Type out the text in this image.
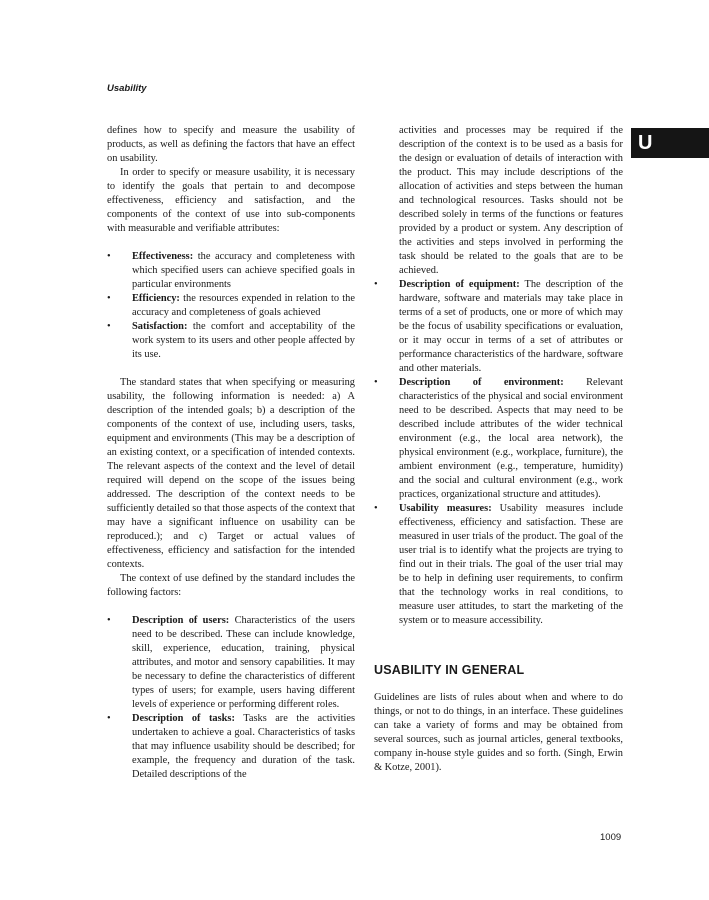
Usability
U

defines how to specify and measure the usability of products, as well as defining the factors that have an effect on usability.

In order to specify or measure usability, it is necessary to identify the goals that pertain to and decompose effectiveness, efficiency and satisfaction, and the components of the context of use into sub-components with measurable and verifiable attributes:

• Effectiveness: the accuracy and completeness with which specified users can achieve specified goals in particular environments
• Efficiency: the resources expended in relation to the accuracy and completeness of goals achieved
• Satisfaction: the comfort and acceptability of the work system to its users and other people affected by its use.

The standard states that when specifying or measuring usability, the following information is needed: a) A description of the intended goals; b) a description of the components of the context of use, including users, tasks, equipment and environments (This may be a description of an existing context, or a specification of intended contexts. The relevant aspects of the context and the level of detail required will depend on the scope of the issues being addressed. The description of the context needs to be sufficiently detailed so that those aspects of the context that may have a significant influence on usability can be reproduced.); and c) Target or actual values of effectiveness, efficiency and satisfaction for the intended contexts.

The context of use defined by the standard includes the following factors:

• Description of users: Characteristics of the users need to be described. These can include knowledge, skill, experience, education, training, physical attributes, and motor and sensory capabilities. It may be necessary to define the characteristics of different types of users; for example, users having different levels of experience or performing different roles.
• Description of tasks: Tasks are the activities undertaken to achieve a goal. Characteristics of tasks that may influence usability should be described; for example, the frequency and duration of the task. Detailed descriptions of the
activities and processes may be required if the description of the context is to be used as a basis for the design or evaluation of details of interaction with the product. This may include descriptions of the allocation of activities and steps between the human and technological resources. Tasks should not be described solely in terms of the functions or features provided by a product or system. Any description of the activities and steps involved in performing the task should be related to the goals that are to be achieved.
• Description of equipment: The description of the hardware, software and materials may take place in terms of a set of products, one or more of which may be the focus of usability specifications or evaluation, or it may occur in terms of a set of attributes or performance characteristics of the hardware, software and other materials.
• Description of environment: Relevant characteristics of the physical and social environment need to be described. Aspects that may need to be described include attributes of the wider technical environment (e.g., the local area network), the physical environment (e.g., workplace, furniture), the ambient environment (e.g., temperature, humidity) and the social and cultural environment (e.g., work practices, organizational structure and attitudes).
• Usability measures: Usability measures include effectiveness, efficiency and satisfaction. These are measured in user trials of the product. The goal of the user trial is to identify what the projects are trying to find out in their trials. The goal of the user trial may be to help in defining user requirements, to confirm that the technology works in real conditions, to measure user attitudes, to start the marketing of the system or to measure accessibility.
USABILITY IN GENERAL

Guidelines are lists of rules about when and where to do things, or not to do things, in an interface. These guidelines can take a variety of forms and may be obtained from several sources, such as journal articles, general textbooks, company in-house style guides and so forth. (Singh, Erwin & Kotze, 2001).

1009
